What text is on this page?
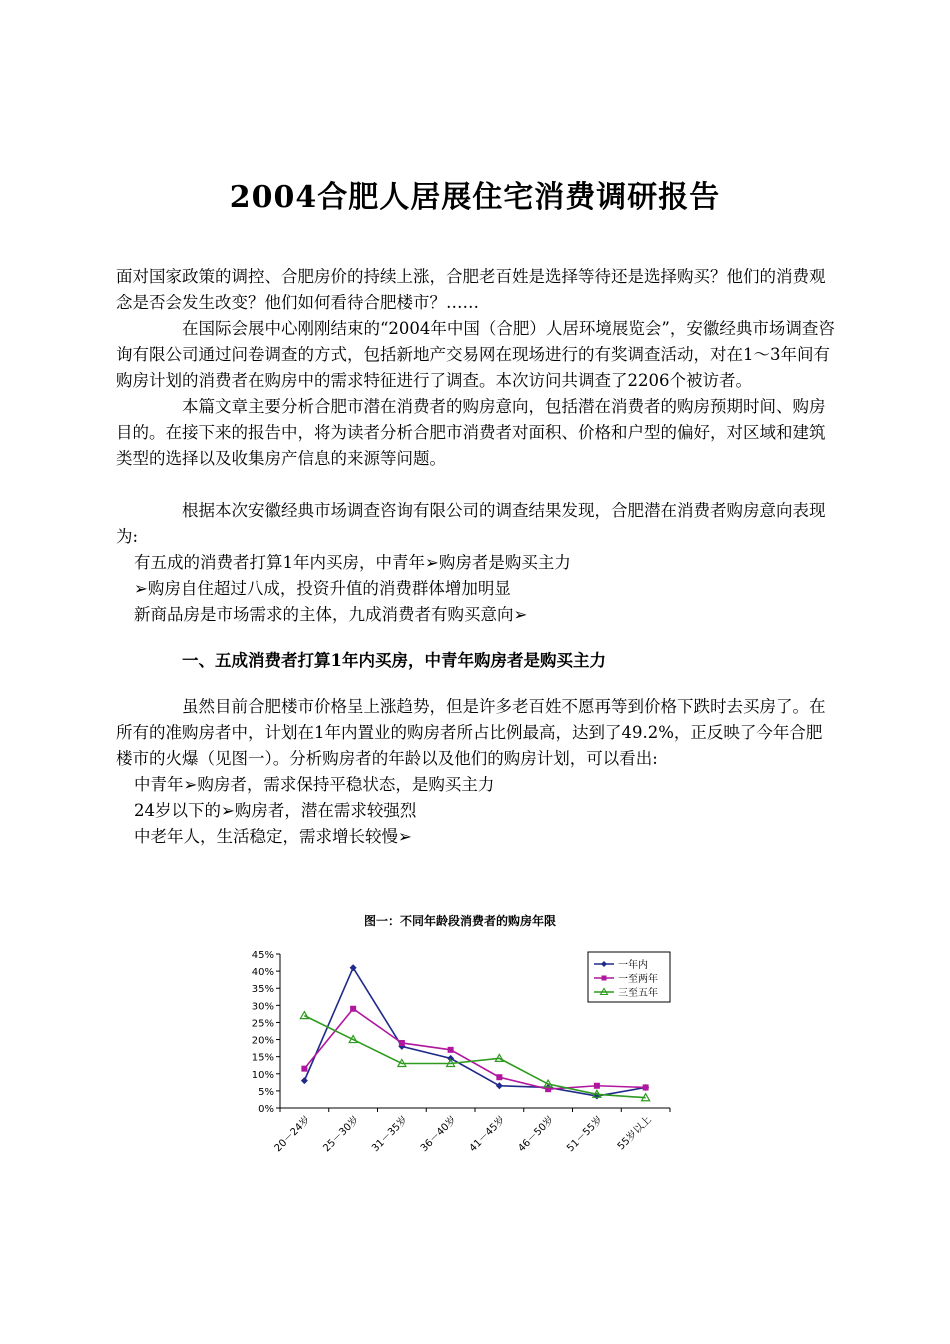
2004合肥人居展住宅消费调研报告

面对国家政策的调控、合肥房价的持续上涨，合肥老百姓是选择等待还是选择购买？他们的消费观念是否会发生改变？他们如何看待合肥楼市？……

在国际会展中心刚刚结束的“2004年中国（合肥）人居环境展览会”，安徽经典市场调查咨询有限公司通过问卷调查的方式，包括新地产交易网在现场进行的有奖调查活动，对在1～3年间有购房计划的消费者在购房中的需求特征进行了调查。本次访问共调查了2206个被访者。

本篇文章主要分析合肥市潜在消费者的购房意向，包括潜在消费者的购房预期时间、购房目的。在接下来的报告中，将为读者分析合肥市消费者对面积、价格和户型的偏好，对区域和建筑类型的选择以及收集房产信息的来源等问题。

根据本次安徽经典市场调查咨询有限公司的调查结果发现，合肥潜在消费者购房意向表现为:

有五成的消费者打算1年内买房，中青年➢购房者是购买主力

➢购房自住超过八成，投资升值的消费群体增加明显

新商品房是市场需求的主体，九成消费者有购买意向➢

一、五成消费者打算1年内买房，中青年购房者是购买主力

虽然目前合肥楼市价格呈上涨趋势，但是许多老百姓不愿再等到价格下跌时去买房了。在所有的准购房者中，计划在1年内置业的购房者所占比例最高，达到了49.2%，正反映了今年合肥楼市的火爆（见图一）。分析购房者的年龄以及他们的购房计划，可以看出:

中青年➢购房者，需求保持平稳状态，是购买主力

24岁以下的➢购房者，潜在需求较强烈

中老年人，生活稳定，需求增长较慢➢

图一：不同年龄段消费者的购房年限
0%
5%
10%
15%
20%
25%
30%
35%
40%
45%
20－24岁 25－30岁 31－35岁 36－40岁 41－45岁 46－50岁 51－55岁 55岁以上
一年内
一至两年
三至五年
